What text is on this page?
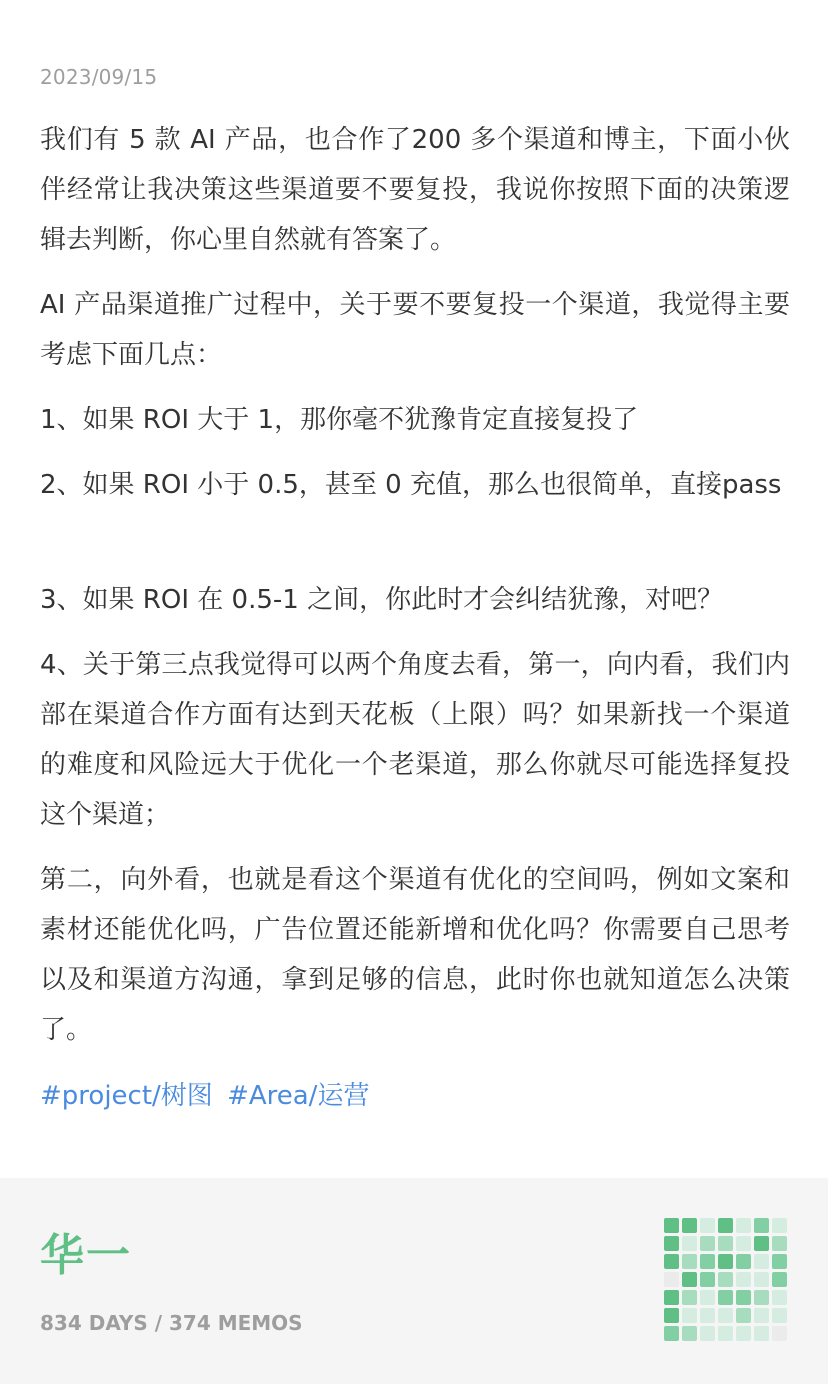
2023/09/15

我们有 5 款 AI 产品，也合作了200 多个渠道和博主，下面小伙伴经常让我决策这些渠道要不要复投，我说你按照下面的决策逻辑去判断，你心里自然就有答案了。

AI 产品渠道推广过程中，关于要不要复投一个渠道，我觉得主要考虑下面几点：

1、如果 ROI 大于 1，那你毫不犹豫肯定直接复投了

2、如果 ROI 小于 0.5，甚至 0 充值，那么也很简单，直接pass

3、如果 ROI 在 0.5-1 之间，你此时才会纠结犹豫，对吧？

4、关于第三点我觉得可以两个角度去看，第一，向内看，我们内部在渠道合作方面有达到天花板（上限）吗？如果新找一个渠道的难度和风险远大于优化一个老渠道，那么你就尽可能选择复投这个渠道；

第二，向外看，也就是看这个渠道有优化的空间吗，例如文案和素材还能优化吗，广告位置还能新增和优化吗？你需要自己思考以及和渠道方沟通，拿到足够的信息，此时你也就知道怎么决策了。

#project/树图 #Area/运营
华一
834 DAYS / 374 MEMOS
